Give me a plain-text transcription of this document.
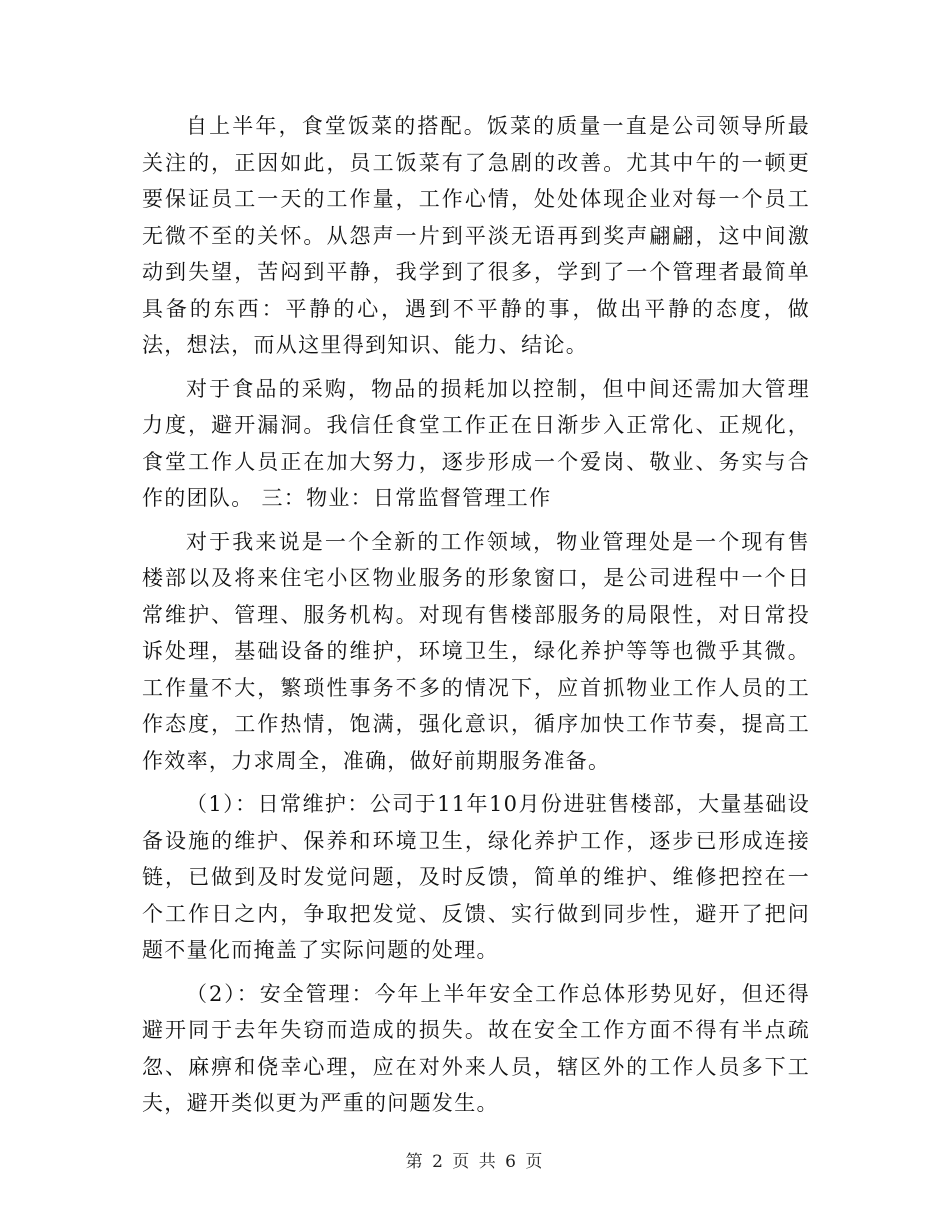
自上半年，食堂饭菜的搭配。饭菜的质量一直是公司领导所最关注的，正因如此，员工饭菜有了急剧的改善。尤其中午的一顿更要保证员工一天的工作量，工作心情，处处体现企业对每一个员工无微不至的关怀。从怨声一片到平淡无语再到奖声翩翩，这中间激动到失望，苦闷到平静，我学到了很多，学到了一个管理者最简单具备的东西：平静的心，遇到不平静的事，做出平静的态度，做法，想法，而从这里得到知识、能力、结论。

对于食品的采购，物品的损耗加以控制，但中间还需加大管理力度，避开漏洞。我信任食堂工作正在日渐步入正常化、正规化，食堂工作人员正在加大努力，逐步形成一个爱岗、敬业、务实与合作的团队。 三：物业：日常监督管理工作

对于我来说是一个全新的工作领域，物业管理处是一个现有售楼部以及将来住宅小区物业服务的形象窗口，是公司进程中一个日常维护、管理、服务机构。对现有售楼部服务的局限性，对日常投诉处理，基础设备的维护，环境卫生，绿化养护等等也微乎其微。工作量不大，繁琐性事务不多的情况下，应首抓物业工作人员的工作态度，工作热情，饱满，强化意识，循序加快工作节奏，提高工作效率，力求周全，准确，做好前期服务准备。

（1）：日常维护：公司于11年10月份进驻售楼部，大量基础设备设施的维护、保养和环境卫生，绿化养护工作，逐步已形成连接链，已做到及时发觉问题，及时反馈，简单的维护、维修把控在一个工作日之内，争取把发觉、反馈、实行做到同步性，避开了把问题不量化而掩盖了实际问题的处理。

（2）：安全管理：今年上半年安全工作总体形势见好，但还得避开同于去年失窃而造成的损失。故在安全工作方面不得有半点疏忽、麻痹和侥幸心理，应在对外来人员，辖区外的工作人员多下工夫，避开类似更为严重的问题发生。

第 2 页 共 6 页
